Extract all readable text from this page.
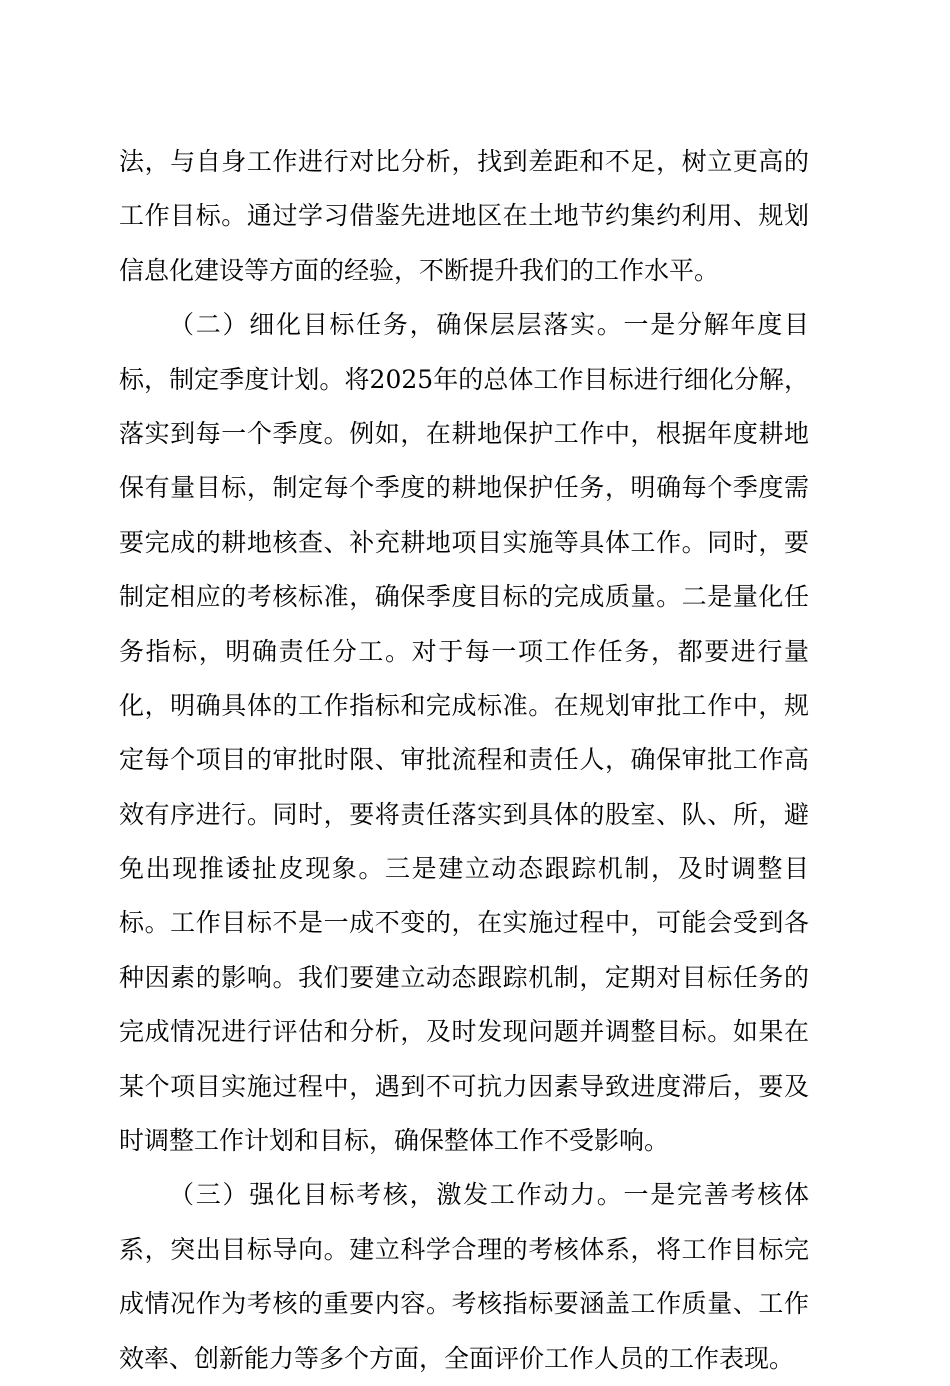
法，与自身工作进行对比分析，找到差距和不足，树立更高的
工作目标。通过学习借鉴先进地区在土地节约集约利用、规划
信息化建设等方面的经验，不断提升我们的工作水平。
（二）细化目标任务，确保层层落实。一是分解年度目
标，制定季度计划。将2025年的总体工作目标进行细化分解，
落实到每一个季度。例如，在耕地保护工作中，根据年度耕地
保有量目标，制定每个季度的耕地保护任务，明确每个季度需
要完成的耕地核查、补充耕地项目实施等具体工作。同时，要
制定相应的考核标准，确保季度目标的完成质量。二是量化任
务指标，明确责任分工。对于每一项工作任务，都要进行量
化，明确具体的工作指标和完成标准。在规划审批工作中，规
定每个项目的审批时限、审批流程和责任人，确保审批工作高
效有序进行。同时，要将责任落实到具体的股室、队、所，避
免出现推诿扯皮现象。三是建立动态跟踪机制，及时调整目
标。工作目标不是一成不变的，在实施过程中，可能会受到各
种因素的影响。我们要建立动态跟踪机制，定期对目标任务的
完成情况进行评估和分析，及时发现问题并调整目标。如果在
某个项目实施过程中，遇到不可抗力因素导致进度滞后，要及
时调整工作计划和目标，确保整体工作不受影响。
（三）强化目标考核，激发工作动力。一是完善考核体
系，突出目标导向。建立科学合理的考核体系，将工作目标完
成情况作为考核的重要内容。考核指标要涵盖工作质量、工作
效率、创新能力等多个方面，全面评价工作人员的工作表现。
